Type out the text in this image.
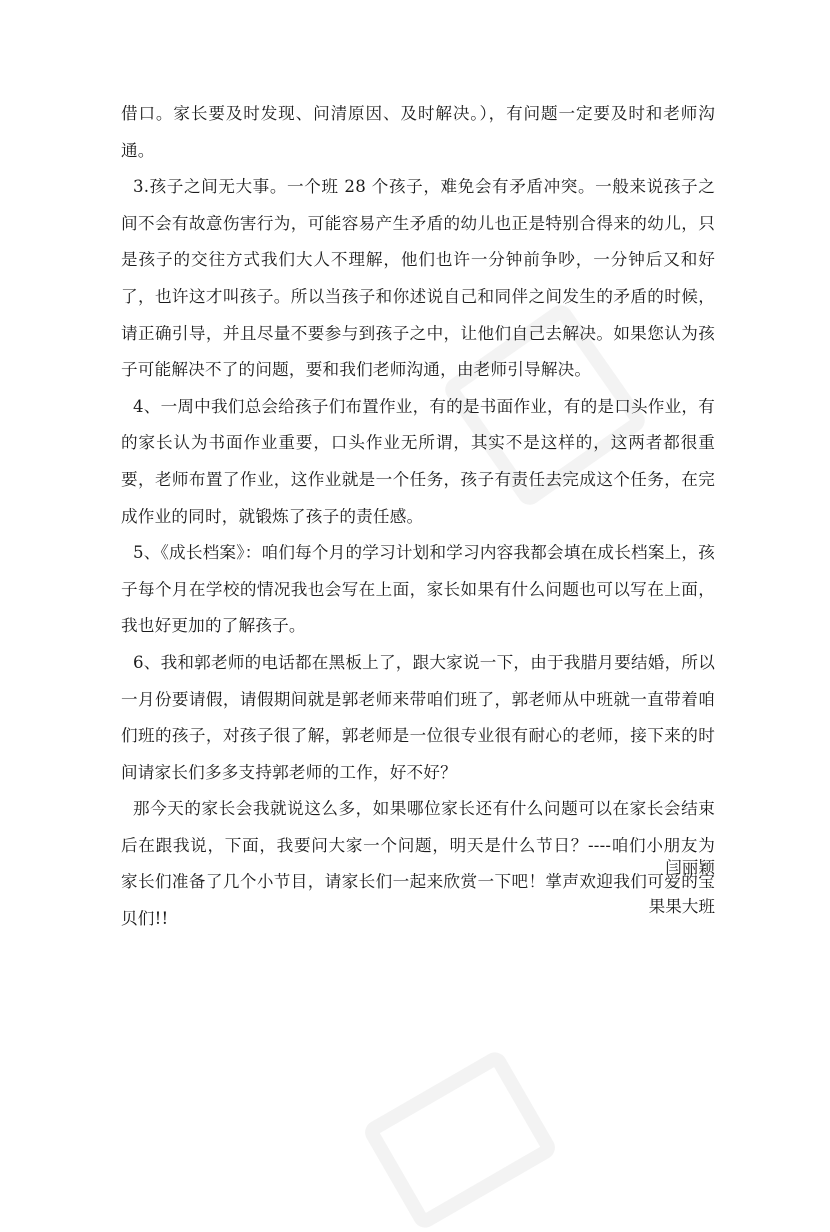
借口。家长要及时发现、问清原因、及时解决。），有问题一定要及时和老师沟通。

3.孩子之间无大事。一个班 28 个孩子，难免会有矛盾冲突。一般来说孩子之间不会有故意伤害行为，可能容易产生矛盾的幼儿也正是特别合得来的幼儿，只是孩子的交往方式我们大人不理解，他们也许一分钟前争吵，一分钟后又和好了，也许这才叫孩子。所以当孩子和你述说自己和同伴之间发生的矛盾的时候，请正确引导，并且尽量不要参与到孩子之中，让他们自己去解决。如果您认为孩子可能解决不了的问题，要和我们老师沟通，由老师引导解决。

4、一周中我们总会给孩子们布置作业，有的是书面作业，有的是口头作业，有的家长认为书面作业重要，口头作业无所谓，其实不是这样的，这两者都很重要，老师布置了作业，这作业就是一个任务，孩子有责任去完成这个任务，在完成作业的同时，就锻炼了孩子的责任感。

5、《成长档案》：咱们每个月的学习计划和学习内容我都会填在成长档案上，孩子每个月在学校的情况我也会写在上面，家长如果有什么问题也可以写在上面，我也好更加的了解孩子。

6、我和郭老师的电话都在黑板上了，跟大家说一下，由于我腊月要结婚，所以一月份要请假，请假期间就是郭老师来带咱们班了，郭老师从中班就一直带着咱们班的孩子，对孩子很了解，郭老师是一位很专业很有耐心的老师，接下来的时间请家长们多多支持郭老师的工作，好不好？

那今天的家长会我就说这么多，如果哪位家长还有什么问题可以在家长会结束后在跟我说，下面，我要问大家一个问题，明天是什么节日？----咱们小朋友为家长们准备了几个小节目，请家长们一起来欣赏一下吧！掌声欢迎我们可爱的宝贝们!!

闫丽颖
果果大班
